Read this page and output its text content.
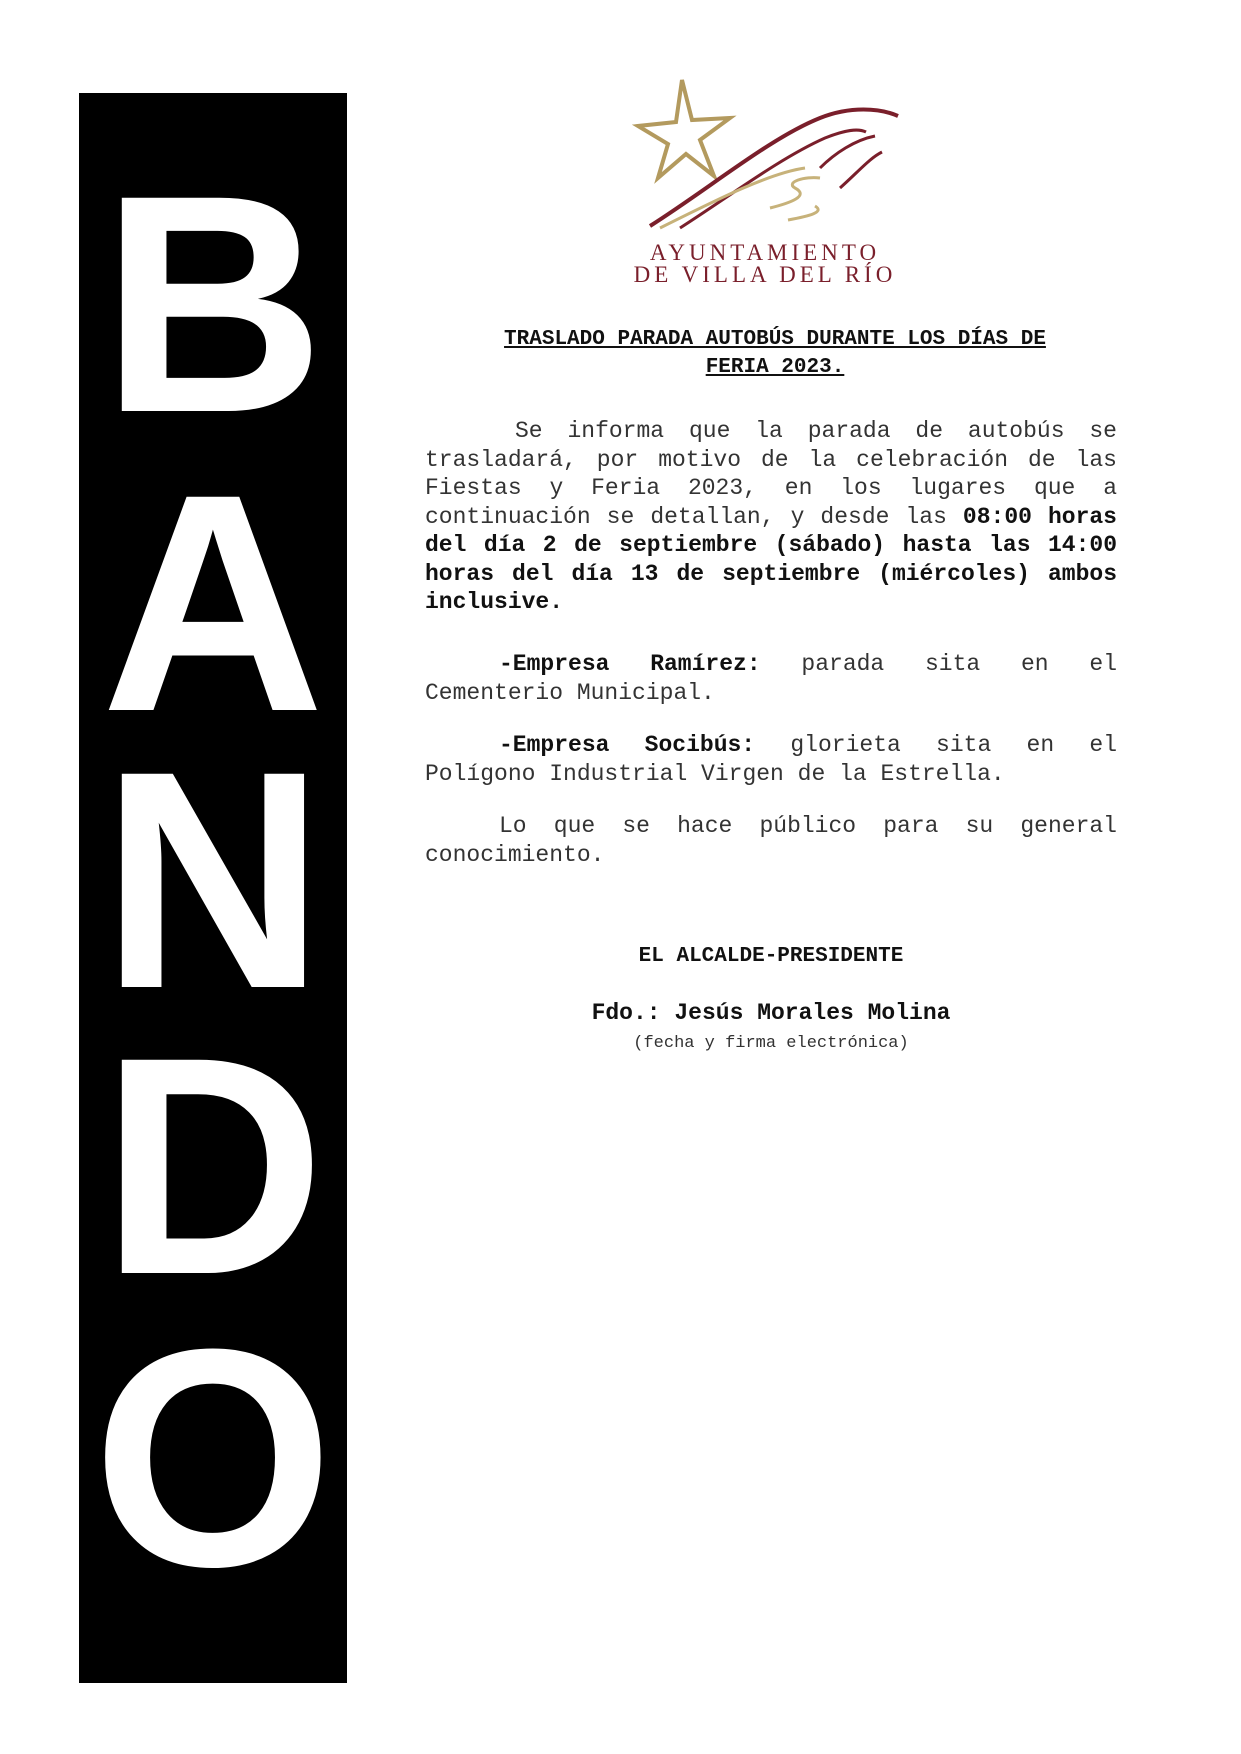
B
A
N
D
O
AYUNTAMIENTO
DE VILLA DEL RÍO
TRASLADO PARADA AUTOBÚS DURANTE LOS DÍAS DE
FERIA 2023.

Se informa que la parada de autobús se trasladará, por motivo de la celebración de las Fiestas y Feria 2023, en los lugares que a continuación se detallan, y desde las 08:00 horas del día 2 de septiembre (sábado) hasta las 14:00 horas del día 13 de septiembre (miércoles) ambos inclusive.

-Empresa Ramírez: parada sita en el Cementerio Municipal.

-Empresa Socibús: glorieta sita en el Polígono Industrial Virgen de la Estrella.

Lo que se hace público para su general conocimiento.

EL ALCALDE-PRESIDENTE
Fdo.: Jesús Morales Molina
(fecha y firma electrónica)
